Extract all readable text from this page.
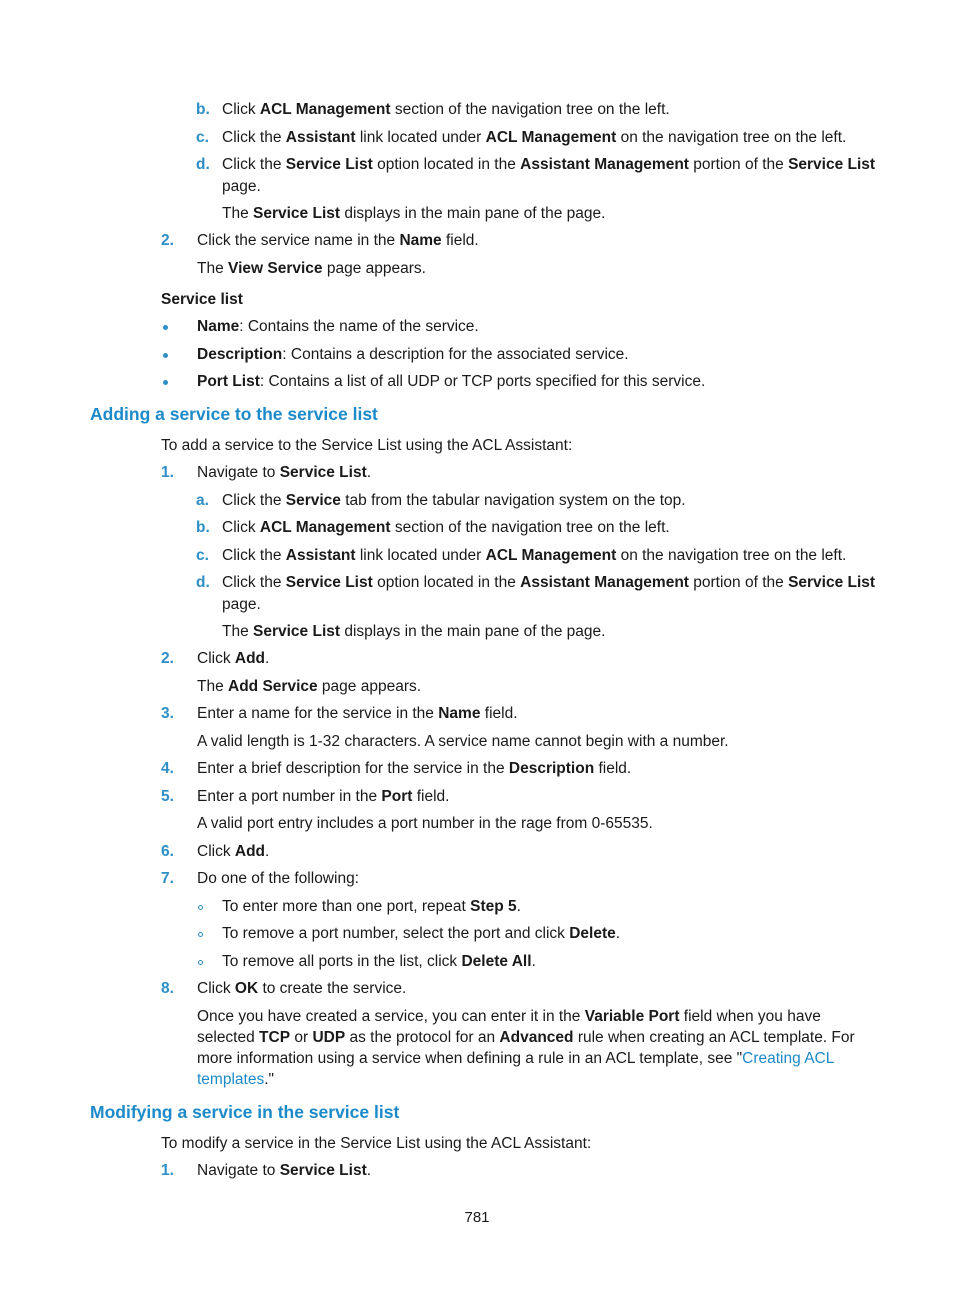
b. Click ACL Management section of the navigation tree on the left.
c. Click the Assistant link located under ACL Management on the navigation tree on the left.
d. Click the Service List option located in the Assistant Management portion of the Service List
page.
The Service List displays in the main pane of the page.
2. Click the service name in the Name field.
The View Service page appears.
Service list
Name: Contains the name of the service.
Description: Contains a description for the associated service.
Port List: Contains a list of all UDP or TCP ports specified for this service.
Adding a service to the service list
To add a service to the Service List using the ACL Assistant:
1. Navigate to Service List.
a. Click the Service tab from the tabular navigation system on the top.
b. Click ACL Management section of the navigation tree on the left.
c. Click the Assistant link located under ACL Management on the navigation tree on the left.
d. Click the Service List option located in the Assistant Management portion of the Service List
page.
The Service List displays in the main pane of the page.
2. Click Add.
The Add Service page appears.
3. Enter a name for the service in the Name field.
A valid length is 1-32 characters. A service name cannot begin with a number.
4. Enter a brief description for the service in the Description field.
5. Enter a port number in the Port field.
A valid port entry includes a port number in the rage from 0-65535.
6. Click Add.
7. Do one of the following:
To enter more than one port, repeat Step 5.
To remove a port number, select the port and click Delete.
To remove all ports in the list, click Delete All.
8. Click OK to create the service.
Once you have created a service, you can enter it in the Variable Port field when you have
selected TCP or UDP as the protocol for an Advanced rule when creating an ACL template. For
more information using a service when defining a rule in an ACL template, see "Creating ACL
templates."
Modifying a service in the service list
To modify a service in the Service List using the ACL Assistant:
1. Navigate to Service List.
781
